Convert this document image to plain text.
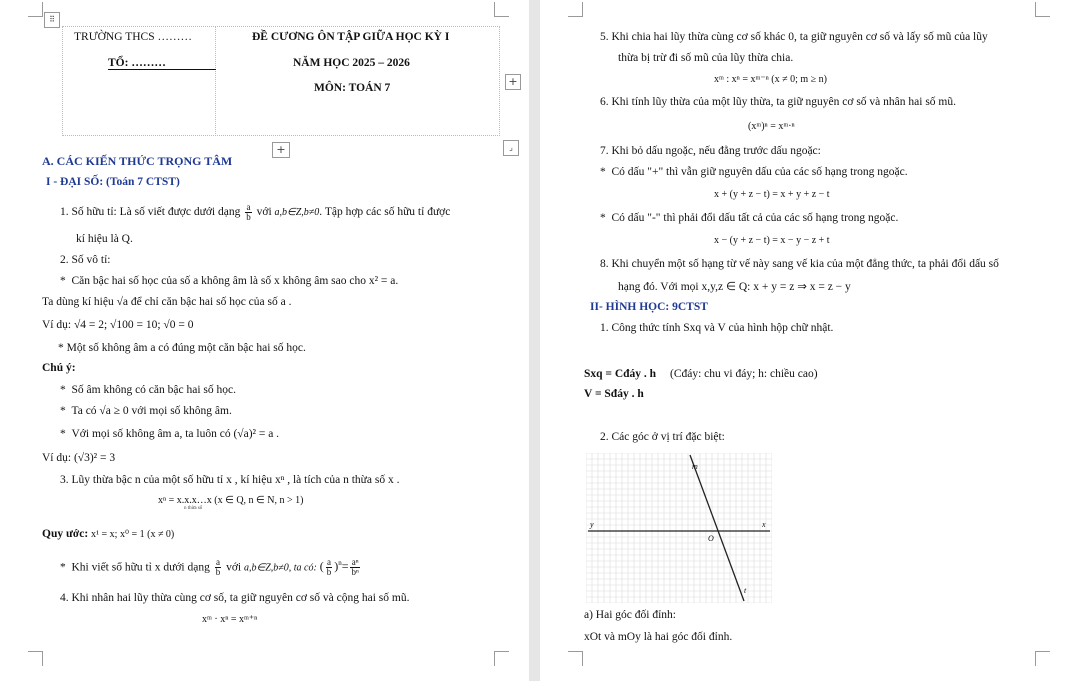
⠿
TRƯỜNG THCS ………
TỔ: ………
ĐỀ CƯƠNG ÔN TẬP GIỮA HỌC KỲ I
NĂM HỌC 2025 – 2026
MÔN: TOÁN 7	+
⌟
+
A. CÁC KIẾN THỨC TRỌNG TÂM
I - ĐẠI SỐ: (Toán 7 CTST)
1. Số hữu tỉ: Là số viết được dưới dạng $\frac{a}{b}$ với a,b∈Z,b≠0. Tập hợp các số hữu tỉ được
kí hiệu là Q.
2. Số vô tỉ:
* Căn bậc hai số học của số a không âm là số x không âm sao cho x² = a.
Ta dùng kí hiệu √a để chỉ căn bậc hai số học của số a .
Ví dụ: √4 = 2; √100 = 10; √0 = 0
* Một số không âm a có đúng một căn bậc hai số học.
Chú ý:
* Số âm không có căn bậc hai số học.
* Ta có √a ≥ 0 với mọi số không âm.
* Với mọi số không âm a, ta luôn có (√a)² = a .
Ví dụ: (√3)² = 3
3. Lũy thừa bậc n của một số hữu tỉ x , kí hiệu xⁿ , là tích của n thừa số x .
xⁿ = x.x.x…x (x ∈ Q, n ∈ N, n > 1)
n thừa số
Quy ước: x¹ = x; x⁰ = 1 (x ≠ 0)
* Khi viết số hữu tỉ x dưới dạng $\frac{a}{b}$ với a,b∈Z,b≠0, ta có: ( $\frac{a}{b} )^n= \frac{\text{aⁿ}}{\text{bⁿ}}$
4. Khi nhân hai lũy thừa cùng cơ số, ta giữ nguyên cơ số và cộng hai số mũ.
xᵐ · xⁿ = xᵐ⁺ⁿ
5. Khi chia hai lũy thừa cùng cơ số khác 0, ta giữ nguyên cơ số và lấy số mũ của lũy
thừa bị trừ đi số mũ của lũy thừa chia.
xᵐ : xⁿ = xᵐ⁻ⁿ (x ≠ 0; m ≥ n)
6. Khi tính lũy thừa của một lũy thừa, ta giữ nguyên cơ số và nhân hai số mũ.
(xᵐ)ⁿ = xᵐ·ⁿ
7. Khi bỏ dấu ngoặc, nếu đằng trước dấu ngoặc:
* Có dấu "+" thì vẫn giữ nguyên dấu của các số hạng trong ngoặc.
x + (y + z − t) = x + y + z − t
* Có dấu "-" thì phải đổi dấu tất cả của các số hạng trong ngoặc.
x − (y + z − t) = x − y − z + t
8. Khi chuyển một số hạng từ vế này sang vế kia của một đẳng thức, ta phải đổi dấu số
hạng đó. Với mọi x,y,z ∈ Q: x + y = z ⇒ x = z − y
II- HÌNH HỌC: 9CTST
1. Công thức tính Sxq và V của hình hộp chữ nhật.
Sxq = Cđáy . h (Cđáy: chu vi đáy; h: chiều cao)
V = Sđáy . h
2. Các góc ở vị trí đặc biệt:
m
y	x
O
t
a) Hai góc đối đỉnh:
xOt và mOy là hai góc đối đỉnh.
